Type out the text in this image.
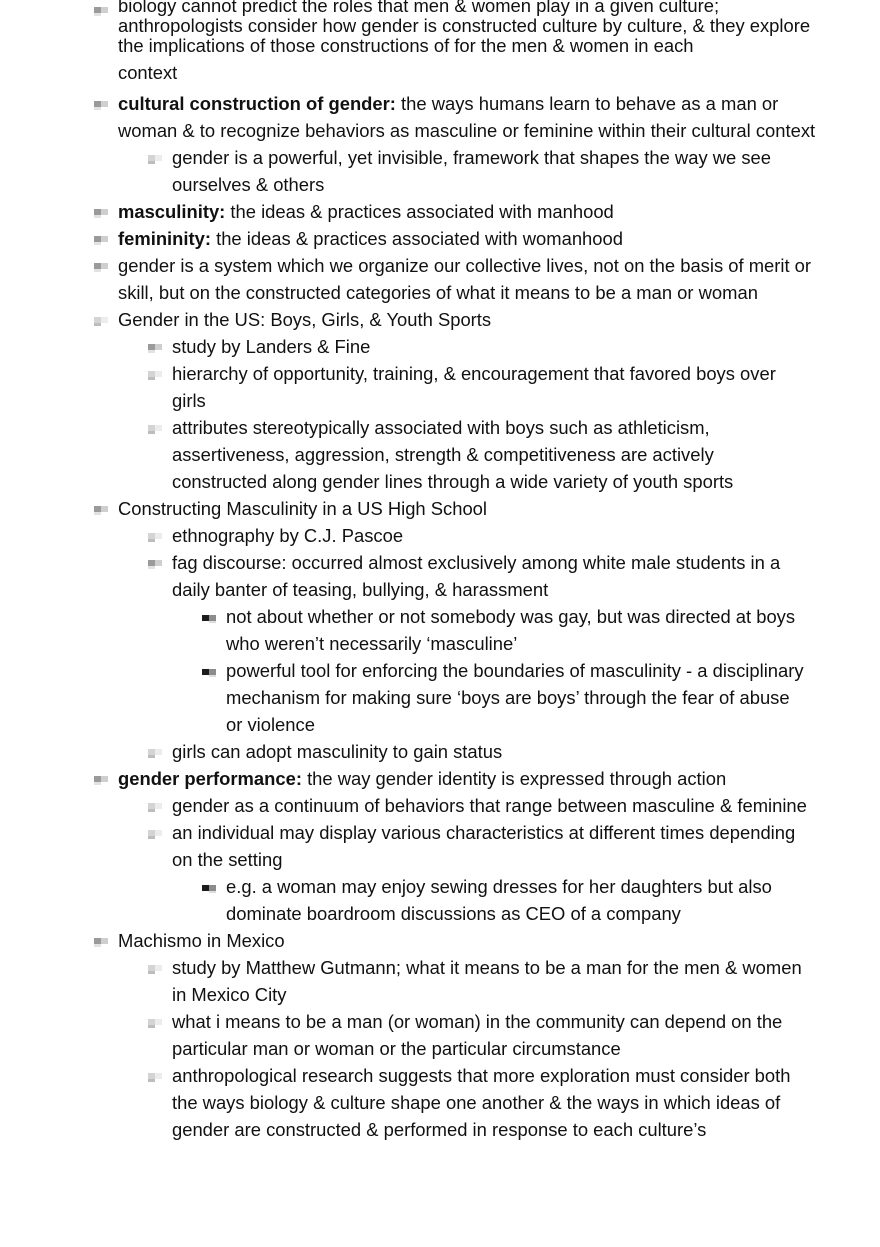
biology cannot predict the roles that men & women play in a given culture; anthropologists consider how gender is constructed culture by culture, & they explore the implications of those constructions of for the men & women in each
context
cultural construction of gender: the ways humans learn to behave as a man or woman & to recognize behaviors as masculine or feminine within their cultural context
gender is a powerful, yet invisible, framework that shapes the way we see ourselves & others
masculinity: the ideas & practices associated with manhood
femininity: the ideas & practices associated with womanhood
gender is a system which we organize our collective lives, not on the basis of merit or skill, but on the constructed categories of what it means to be a man or woman
Gender in the US: Boys, Girls, & Youth Sports
study by Landers & Fine
hierarchy of opportunity, training, & encouragement that favored boys over girls
attributes stereotypically associated with boys such as athleticism, assertiveness, aggression, strength & competitiveness are actively constructed along gender lines through a wide variety of youth sports
Constructing Masculinity in a US High School
ethnography by C.J. Pascoe
fag discourse: occurred almost exclusively among white male students in a daily banter of teasing, bullying, & harassment
not about whether or not somebody was gay, but was directed at boys who weren’t necessarily ‘masculine’
powerful tool for enforcing the boundaries of masculinity - a disciplinary mechanism for making sure ‘boys are boys’ through the fear of abuse or violence
girls can adopt masculinity to gain status
gender performance: the way gender identity is expressed through action
gender as a continuum of behaviors that range between masculine & feminine
an individual may display various characteristics at different times depending on the setting
e.g. a woman may enjoy sewing dresses for her daughters but also dominate boardroom discussions as CEO of a company
Machismo in Mexico
study by Matthew Gutmann; what it means to be a man for the men & women in Mexico City
what i means to be a man (or woman) in the community can depend on the particular man or woman or the particular circumstance
anthropological research suggests that more exploration must consider both the ways biology & culture shape one another & the ways in which ideas of gender are constructed & performed in response to each culture’s
